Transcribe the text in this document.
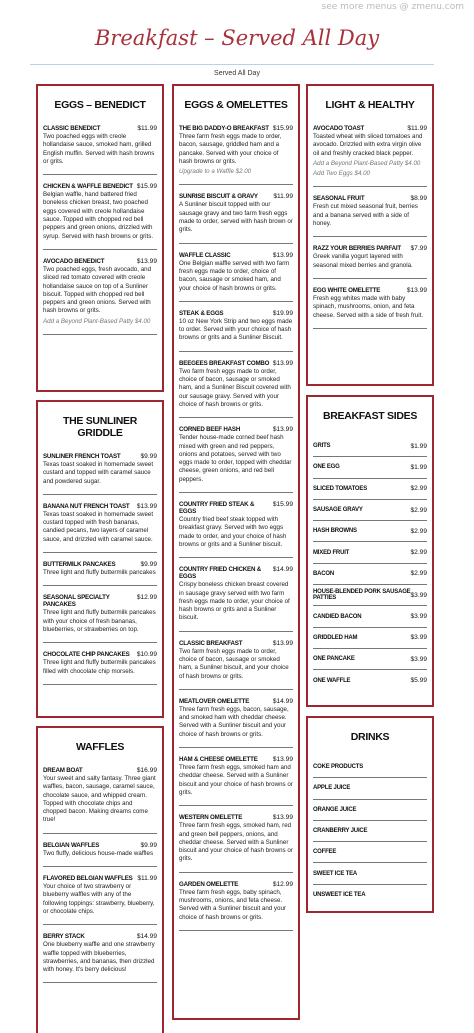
see more menus @ zmenu.com
Breakfast – Served All Day
Served All Day
EGGS – BENEDICT
CLASSIC BENEDICT	$11.99
Two poached eggs with creole hollandaise sauce, smoked ham, grilled English muffin. Served with hash browns or grits.
CHICKEN & WAFFLE BENEDICT $15.99
Belgian waffle, hand battered fried boneless chicken breast, two poached eggs covered with creole hollandaise sauce. Topped with chopped red bell peppers and green onions, drizzled with syrup. Served with hash browns or grits.
AVOCADO BENEDICT	$13.99
Two poached eggs, fresh avocado, and sliced red tomato covered with creole hollandaise sauce on top of a Sunliner biscuit. Topped with chopped red bell peppers and green onions. Served with hash browns or grits.
Add a Beyond Plant-Based Patty $4.00
THE SUNLINER GRIDDLE
SUNLINER FRENCH TOAST	$9.99
Texas toast soaked in homemade sweet custard and topped with caramel sauce and powdered sugar.
BANANA NUT FRENCH TOAST $13.99
Texas toast soaked in homemade sweet custard topped with fresh bananas, candied pecans, two layers of caramel sauce, and drizzled with caramel sauce.
BUTTERMILK PANCAKES	$9.99
Three light and fluffy buttermilk pancakes
SEASONAL SPECIALTY PANCAKES
$12.99
Three light and fluffy buttermilk pancakes with your choice of fresh bananas, blueberries, or strawberries on top.
CHOCOLATE CHIP PANCAKES $10.99
Three light and fluffy buttermilk pancakes filled with chocolate chip morsels.
WAFFLES
DREAM BOAT	$16.99
Your sweet and salty fantasy. Three giant waffles, bacon, sausage, caramel sauce, chocolate sauce, and whipped cream. Topped with chocolate chips and chopped bacon. Making dreams come true!
BELGIAN WAFFLES	$9.99
Two fluffy, delicious house-made waffles
FLAVORED BELGIAN WAFFLES $11.99
Your choice of two strawberry or blueberry waffles with any of the following toppings: strawberry, blueberry, or chocolate chips.
BERRY STACK	$14.99
One blueberry waffle and one strawberry waffle topped with blueberries, strawberries, and bananas, then drizzled with honey. It's berry delicious!
EGGS & OMELETTES
THE BIG DADDY-O BREAKFAST $15.99
Three farm fresh eggs made to order, bacon, sausage, griddled ham and a pancake. Served with your choice of hash browns or grits.
Upgrade to a Waffle $2.00
SUNRISE BISCUIT & GRAVY $11.99
A Sunliner biscuit topped with our sausage gravy and two farm fresh eggs made to order, served with hash brown or grits.
WAFFLE CLASSIC	$13.99
One Belgian waffle served with two farm fresh eggs made to order, choice of bacon, sausage or smoked ham, and your choice of hash browns or grits.
STEAK & EGGS	$19.99
10 oz New York Strip and two eggs made to order. Served with your choice of hash browns or grits and a Sunliner Biscuit.
BEEGEES BREAKFAST COMBO $13.99
Two farm fresh eggs made to order, choice of bacon, sausage or smoked ham, and a Sunliner Biscuit covered with our sausage gravy. Served with your choice of hash browns or grits.
CORNED BEEF HASH	$13.99
Tender house-made corned beef hash mixed with green and red peppers, onions and potatoes, served with two eggs made to order, topped with cheddar cheese, green onions, and red bell peppers.
COUNTRY FRIED STEAK & EGGS
$15.99
Country fried beef steak topped with breakfast gravy. Served with two eggs made to order, and your choice of hash browns or grits and a Sunliner biscuit.
COUNTRY FRIED CHICKEN & EGGS
$14.99
Crispy boneless chicken breast covered in sausage gravy served with two farm fresh eggs made to order, your choice of hash browns or grits and a Sunliner biscuit.
CLASSIC BREAKFAST	$13.99
Two farm fresh eggs made to order, choice of bacon, sausage or smoked ham, a Sunliner biscuit, and your choice of hash browns or grits.
MEATLOVER OMELETTE	$14.99
Three farm fresh eggs, bacon, sausage, and smoked ham with cheddar cheese. Served with a Sunliner biscuit and your choice of hash browns or grits.
HAM & CHEESE OMELETTE $13.99
Three farm fresh eggs, smoked ham and cheddar cheese. Served with a Sunliner biscuit and your choice of hash browns or grits.
WESTERN OMELETTE	$13.99
Three farm fresh eggs, smoked ham, red and green bell peppers, onions, and cheddar cheese. Served with a Sunliner biscuit and your choice of hash browns or grits.
GARDEN OMELETTE	$12.99
Three farm fresh eggs, baby spinach, mushrooms, onions, and feta cheese. Served with a Sunliner biscuit and your choice of hash browns or grits.
LIGHT & HEALTHY
AVOCADO TOAST	$11.99
Toasted wheat with sliced tomatoes and avocado. Drizzled with extra virgin olive oil and freshly cracked black pepper.
Add a Beyond Plant-Based Patty $4.00
Add Two Eggs $4.00
SEASONAL FRUIT	$8.99
Fresh cut mixed seasonal fruit, berries and a banana served with a side of honey.
RAZZ YOUR BERRIES PARFAIT $7.99
Greek vanilla yogurt layered with seasonal mixed berries and granola.
EGG WHITE OMELETTE	$13.99
Fresh egg whites made with baby spinach, mushrooms, onion, and feta cheese. Served with a side of fresh fruit.
BREAKFAST SIDES
GRITS	$1.99
ONE EGG	$1.99
SLICED TOMATOES	$2.99
SAUSAGE GRAVY	$2.99
HASH BROWNS	$2.99
MIXED FRUIT	$2.99
BACON	$2.99
HOUSE-BLENDED PORK SAUSAGE PATTIES	$3.99
CANDIED BACON	$3.99
GRIDDLED HAM	$3.99
ONE PANCAKE	$3.99
ONE WAFFLE	$5.99
DRINKS
COKE PRODUCTS
APPLE JUICE
ORANGE JUICE
CRANBERRY JUICE
COFFEE
SWEET ICE TEA
UNSWEET ICE TEA
